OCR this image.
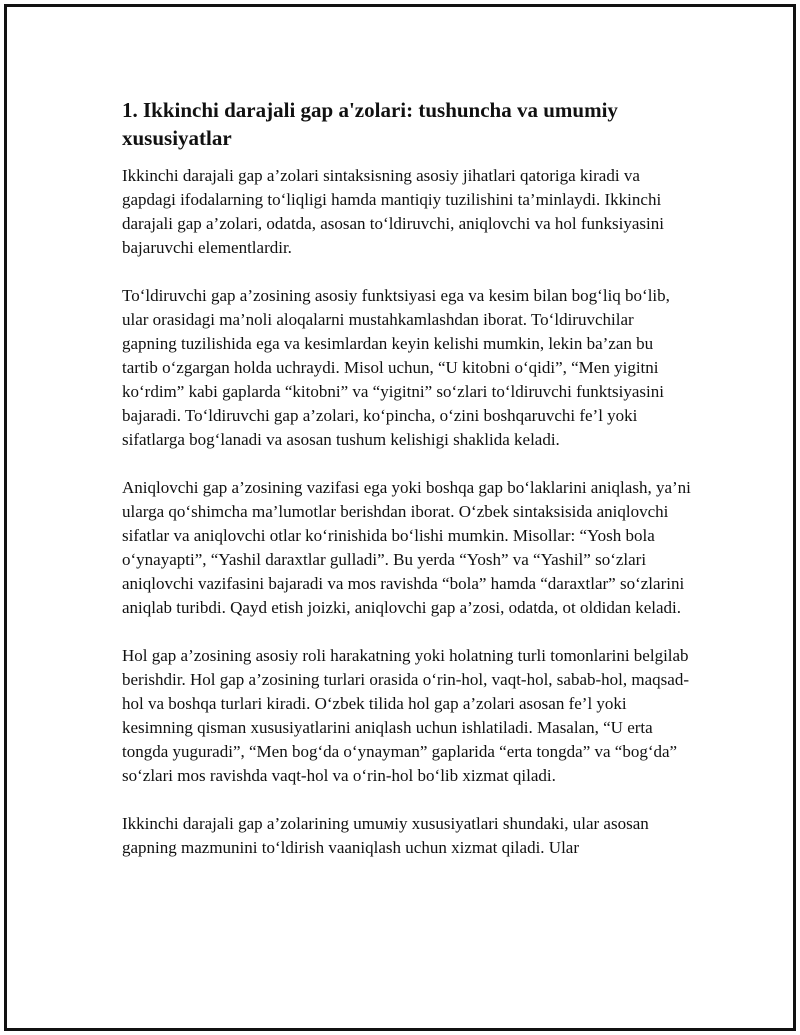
1. Ikkinchi darajali gap a'zolari: tushuncha va umumiy xususiyatlar

Ikkinchi darajali gap a’zolari sintaksisning asosiy jihatlari qatoriga kiradi va gapdagi ifodalarning to‘liqligi hamda mantiqiy tuzilishini ta’minlaydi. Ikkinchi darajali gap a’zolari, odatda, asosan to‘ldiruvchi, aniqlovchi va hol funksiyasini bajaruvchi elementlardir.

To‘ldiruvchi gap a’zosining asosiy funktsiyasi ega va kesim bilan bog‘liq bo‘lib, ular orasidagi ma’noli aloqalarni mustahkamlashdan iborat. To‘ldiruvchilar gapning tuzilishida ega va kesimlardan keyin kelishi mumkin, lekin ba’zan bu tartib o‘zgargan holda uchraydi. Misol uchun, “U kitobni o‘qidi”, “Men yigitni ko‘rdim” kabi gaplarda “kitobni” va “yigitni” so‘zlari to‘ldiruvchi funktsiyasini bajaradi. To‘ldiruvchi gap a’zolari, ko‘pincha, o‘zini boshqaruvchi fe’l yoki sifatlarga bog‘lanadi va asosan tushum kelishigi shaklida keladi.

Aniqlovchi gap a’zosining vazifasi ega yoki boshqa gap bo‘laklarini aniqlash, ya’ni ularga qo‘shimcha ma’lumotlar berishdan iborat. O‘zbek sintaksisida aniqlovchi sifatlar va aniqlovchi otlar ko‘rinishida bo‘lishi mumkin. Misollar: “Yosh bola o‘ynayapti”, “Yashil daraxtlar gulladi”. Bu yerda “Yosh” va “Yashil” so‘zlari aniqlovchi vazifasini bajaradi va mos ravishda “bola” hamda “daraxtlar” so‘zlarini aniqlab turibdi. Qayd etish joizki, aniqlovchi gap a’zosi, odatda, ot oldidan keladi.

Hol gap a’zosining asosiy roli harakatning yoki holatning turli tomonlarini belgilab berishdir. Hol gap a’zosining turlari orasida o‘rin-hol, vaqt-hol, sabab-hol, maqsad-hol va boshqa turlari kiradi. O‘zbek tilida hol gap a’zolari asosan fe’l yoki kesimning qisman xususiyatlarini aniqlash uchun ishlatiladi. Masalan, “U erta tongda yuguradi”, “Men bog‘da o‘ynayman” gaplarida “erta tongda” va “bog‘da” so‘zlari mos ravishda vaqt-hol va o‘rin-hol bo‘lib xizmat qiladi.

Ikkinchi darajali gap a’zolarining umuмiy xususiyatlari shundaki, ular asosan gapning mazmunini to‘ldirish vaaniqlash uchun xizmat qiladi. Ular
